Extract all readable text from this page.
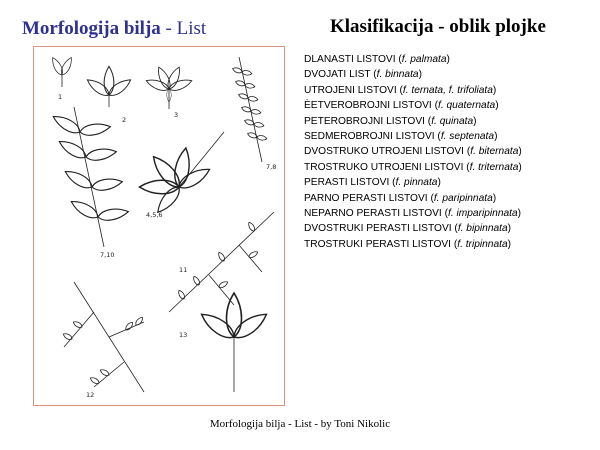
Morfologija bilja - List	Klasifikacija - oblik plojke
1
2
3
4,5,6
7,8
7,10
11
12
13
DLANASTI LISTOVI (f. palmata)
DVOJATI LIST (f. binnata)
UTROJENI LISTOVI (f. ternata, f. trifoliata)
ÈETVEROBROJNI LISTOVI (f. quaternata)
PETEROBROJNI LISTOVI (f. quinata)
SEDMEROBROJNI LISTOVI (f. septenata)
DVOSTRUKO UTROJENI LISTOVI (f. biternata)
TROSTRUKO UTROJENI LISTOVI (f. triternata)
PERASTI LISTOVI (f. pinnata)
PARNO PERASTI LISTOVI (f. paripinnata)
NEPARNO PERASTI LISTOVI (f. imparipinnata)
DVOSTRUKI PERASTI LISTOVI (f. bipinnata)
TROSTRUKI PERASTI LISTOVI (f. tripinnata)
Morfologija bilja - List - by Toni Nikolic
